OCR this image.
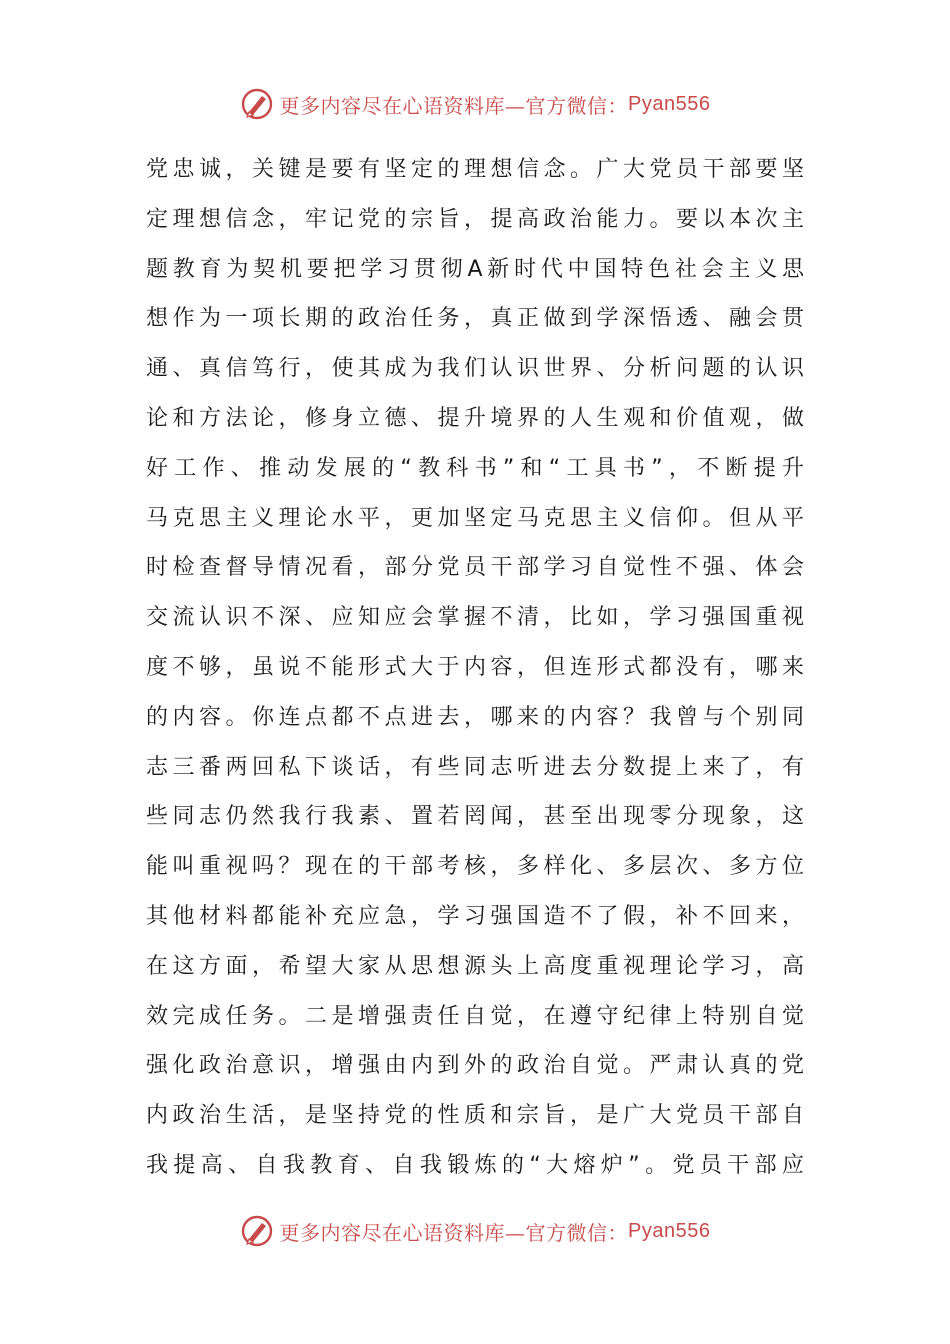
更多内容尽在心语资料库—官方微信： Pyan556
党忠诚，关键是要有坚定的理想信念。广大党员干部要坚
定理想信念，牢记党的宗旨，提高政治能力。要以本次主
题教育为契机要把学习贯彻A新时代中国特色社会主义思
想作为一项长期的政治任务，真正做到学深悟透、融会贯
通、真信笃行，使其成为我们认识世界、分析问题的认识
论和方法论，修身立德、提升境界的人生观和价值观，做
好工作、推动发展的“教科书”和“工具书”，不断提升
马克思主义理论水平，更加坚定马克思主义信仰。但从平
时检查督导情况看，部分党员干部学习自觉性不强、体会
交流认识不深、应知应会掌握不清，比如，学习强国重视
度不够，虽说不能形式大于内容，但连形式都没有，哪来
的内容。你连点都不点进去，哪来的内容？我曾与个别同
志三番两回私下谈话，有些同志听进去分数提上来了，有
些同志仍然我行我素、置若罔闻，甚至出现零分现象，这
能叫重视吗？现在的干部考核，多样化、多层次、多方位
其他材料都能补充应急，学习强国造不了假，补不回来，
在这方面，希望大家从思想源头上高度重视理论学习，高
效完成任务。二是增强责任自觉，在遵守纪律上特别自觉
强化政治意识，增强由内到外的政治自觉。严肃认真的党
内政治生活，是坚持党的性质和宗旨，是广大党员干部自
我提高、自我教育、自我锻炼的“大熔炉”。党员干部应
更多内容尽在心语资料库—官方微信： Pyan556
